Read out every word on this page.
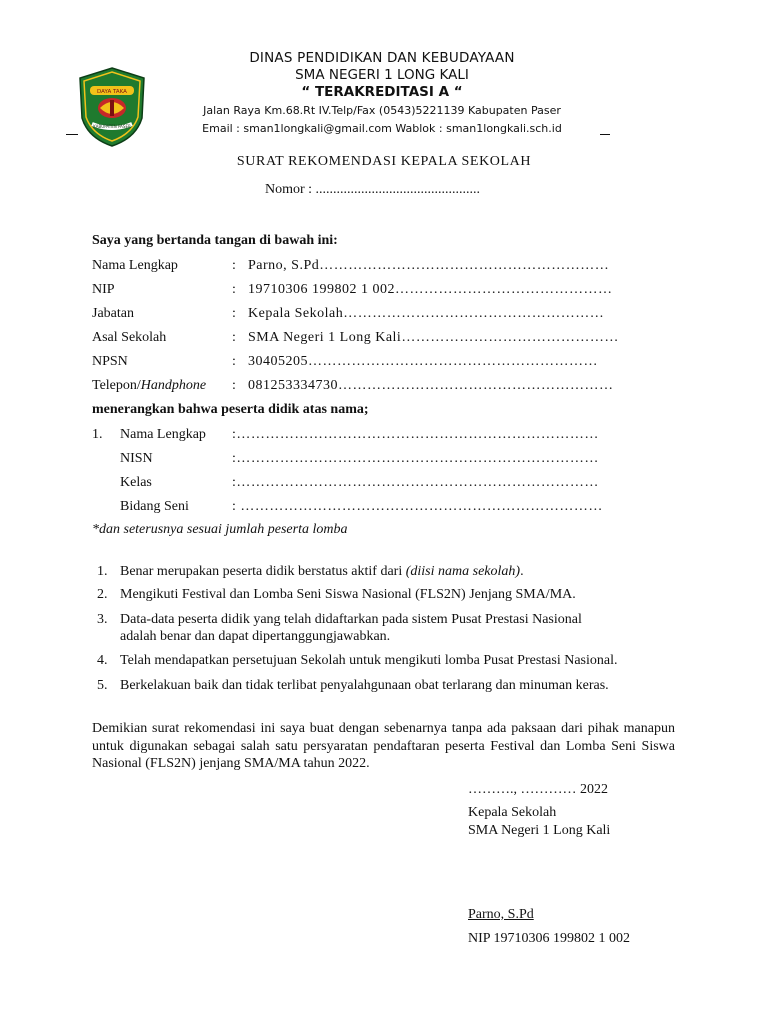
DAYA TAKA
KABUPATEN PASER
DINAS PENDIDIKAN DAN KEBUDAYAAN
SMA NEGERI 1 LONG KALI
“ TERAKREDITASI A “
Jalan Raya Km.68.Rt IV.Telp/Fax (0543)5221139 Kabupaten Paser
Email : sman1longkali@gmail.com Wablok : sman1longkali.sch.id
SURAT REKOMENDASI KEPALA SEKOLAH
Nomor : ...............................................
Saya yang bertanda tangan di bawah ini:
Nama Lengkap	: Parno, S.Pd……………………………………………………
NIP	: 19710306 199802 1 002………………………………………
Jabatan	: Kepala Sekolah………………………………………………
Asal Sekolah	: SMA Negeri 1 Long Kali………………………………………
NPSN	: 30405205……………………………………………………
Telepon/Handphone : 081253334730…………………………………………………
menerangkan bahwa peserta didik atas nama;
1. Nama Lengkap :…………………………………………………………………
NISN	:…………………………………………………………………
Kelas	:…………………………………………………………………
Bidang Seni	: …………………………………………………………………
*dan seterusnya sesuai jumlah peserta lomba
1. Benar merupakan peserta didik berstatus aktif dari (diisi nama sekolah).
2. Mengikuti Festival dan Lomba Seni Siswa Nasional (FLS2N) Jenjang SMA/MA.
3. Data-data peserta didik yang telah didaftarkan pada sistem Pusat Prestasi Nasional
adalah benar dan dapat dipertanggungjawabkan.
4. Telah mendapatkan persetujuan Sekolah untuk mengikuti lomba Pusat Prestasi Nasional.
5. Berkelakuan baik dan tidak terlibat penyalahgunaan obat terlarang dan minuman keras.
Demikian surat rekomendasi ini saya buat dengan sebenarnya tanpa ada paksaan dari pihak manapun untuk digunakan sebagai salah satu persyaratan pendaftaran peserta Festival dan Lomba Seni Siswa Nasional (FLS2N) jenjang SMA/MA tahun 2022.
………., ………… 2022
Kepala Sekolah
SMA Negeri 1 Long Kali
Parno, S.Pd
NIP 19710306 199802 1 002
